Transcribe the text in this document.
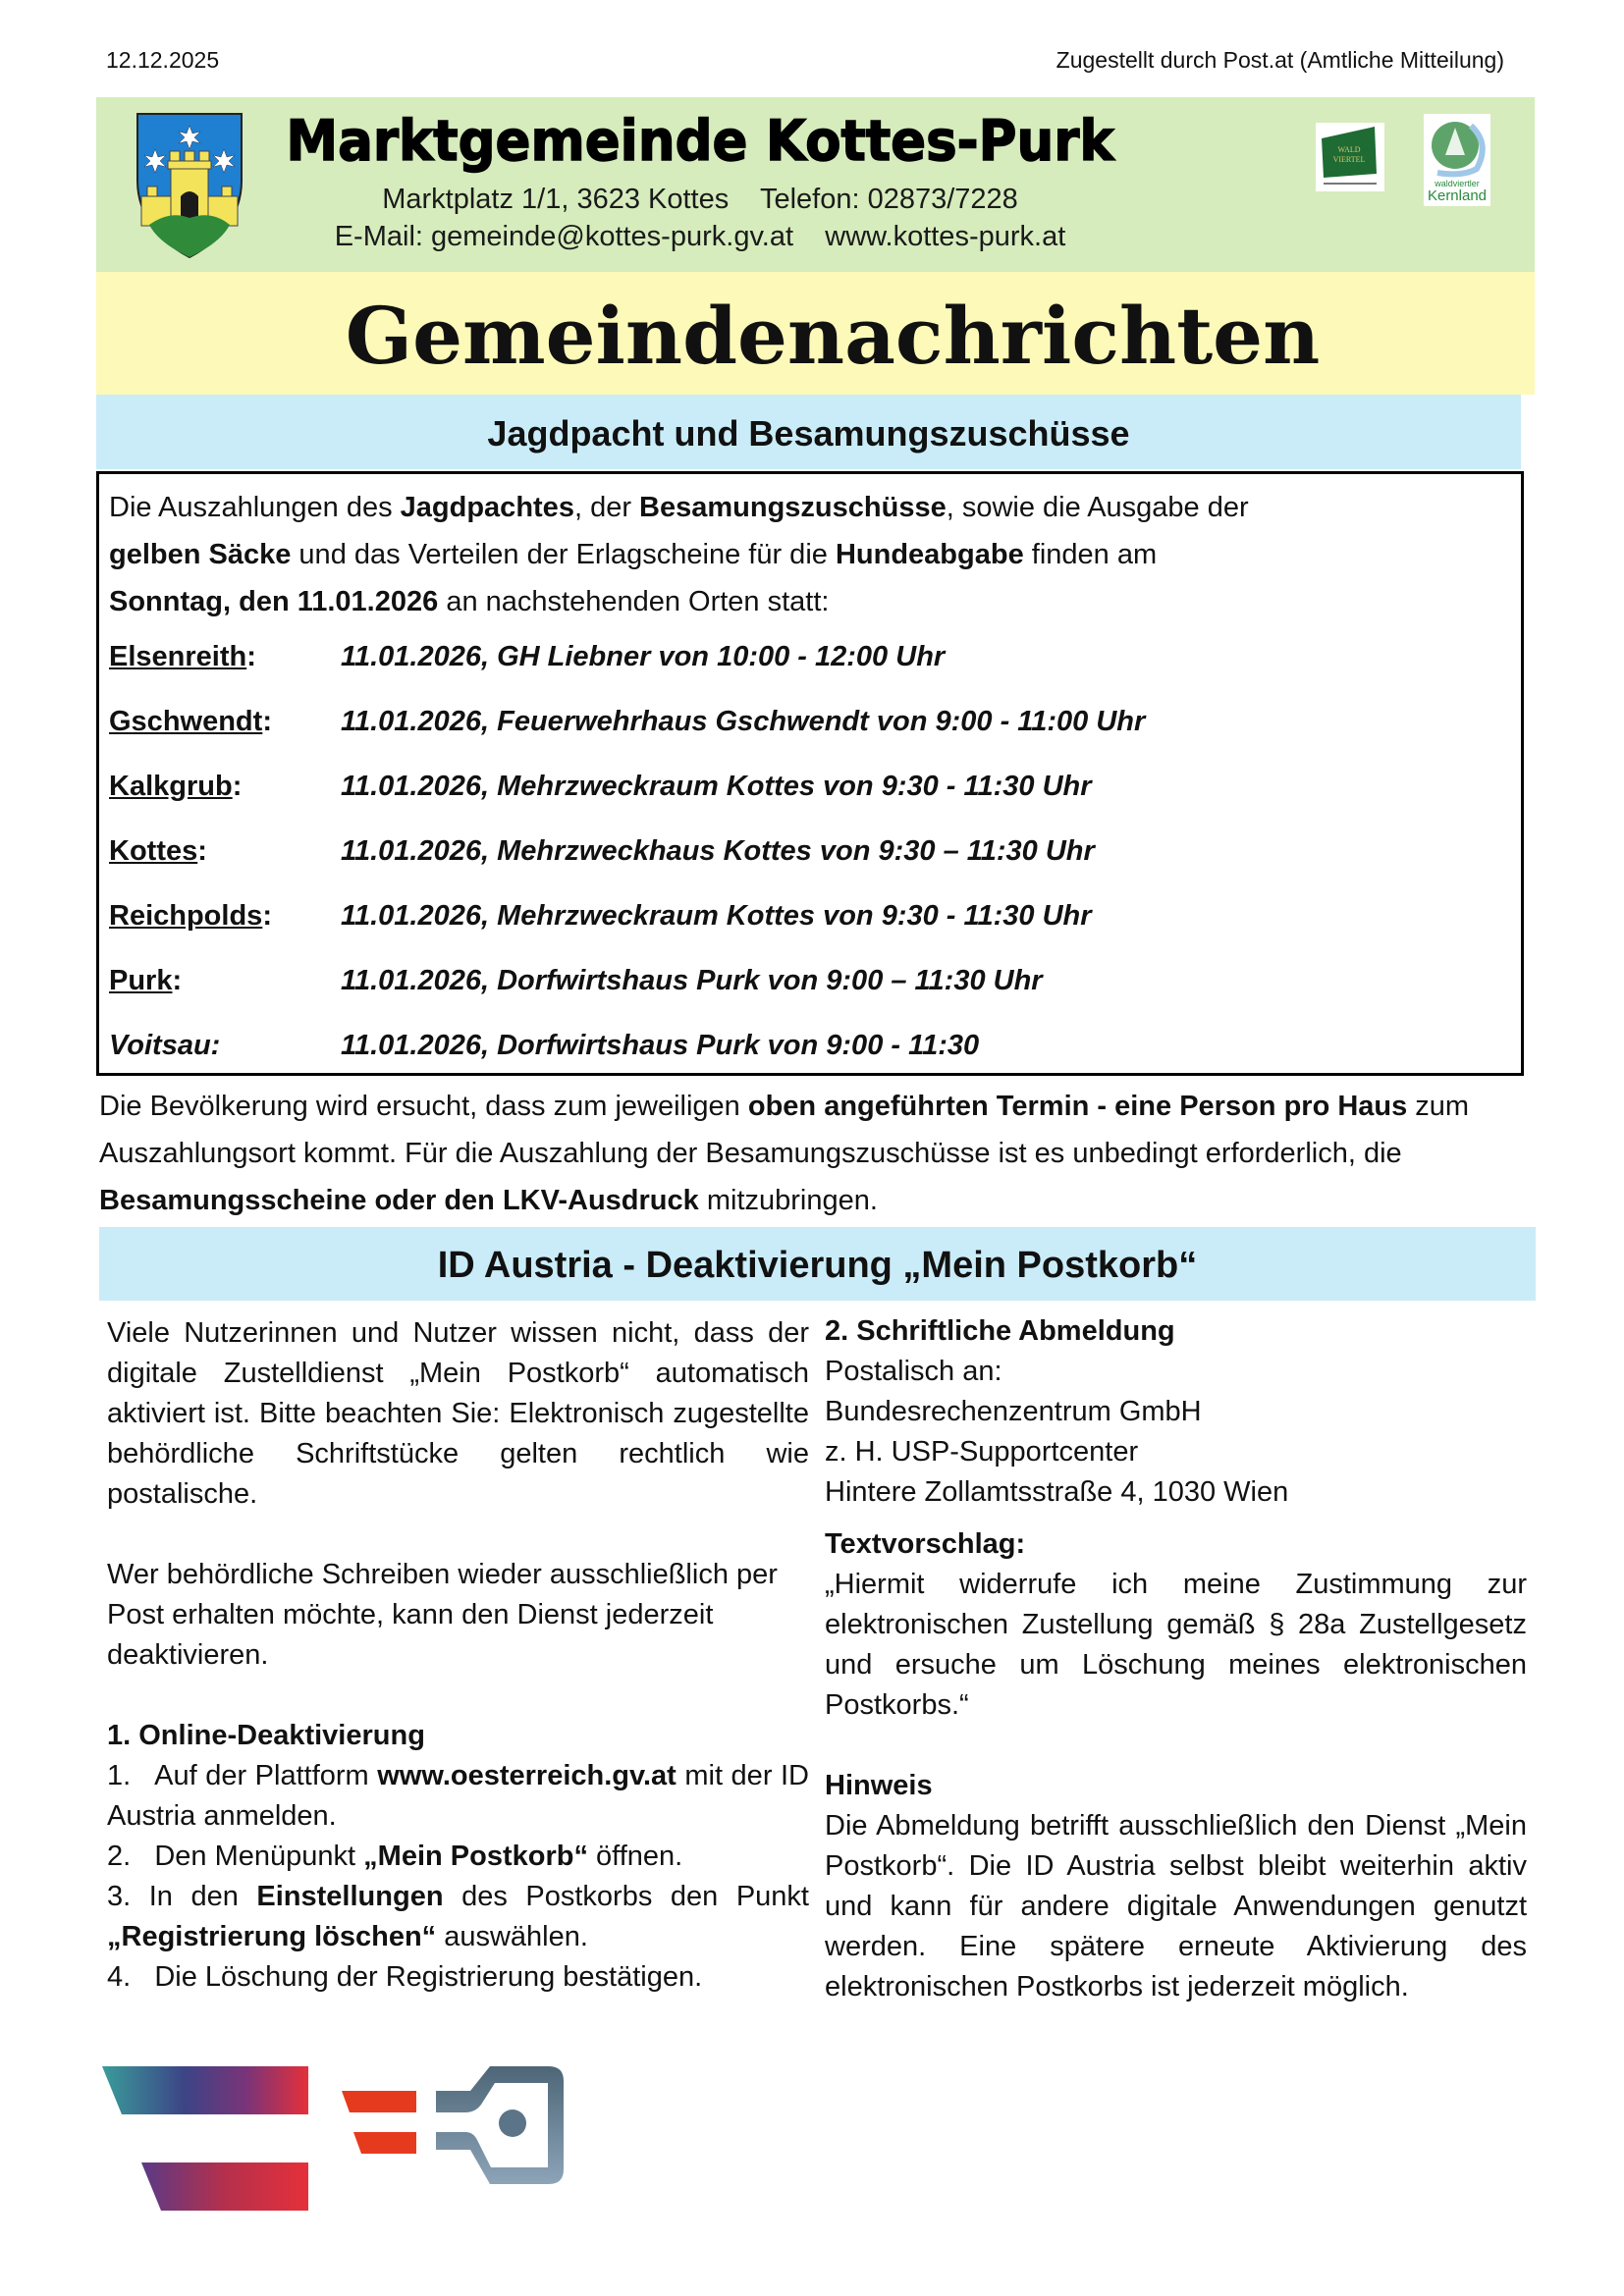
12.12.2025	Zugestellt durch Post.at (Amtliche Mitteilung)
Marktgemeinde Kottes-Purk
Marktplatz 1/1, 3623 Kottes Telefon: 02873/7228
E-Mail: gemeinde@kottes-purk.gv.at www.kottes-purk.at
WALD
VIERTEL
waldviertler
Kernland
Gemeindenachrichten
Jagdpacht und Besamungszuschüsse
Die Auszahlungen des Jagdpachtes, der Besamungszuschüsse, sowie die Ausgabe der
gelben Säcke und das Verteilen der Erlagscheine für die Hundeabgabe finden am
Sonntag, den 11.01.2026 an nachstehenden Orten statt:
Elsenreith :	11.01.2026, GH Liebner von 10:00 - 12:00 Uhr
Gschwendt : 11.01.2026, Feuerwehrhaus Gschwendt von 9:00 - 11:00 Uhr
Kalkgrub :	11.01.2026, Mehrzweckraum Kottes von 9:30 - 11:30 Uhr
Kottes :	11.01.2026, Mehrzweckhaus Kottes von 9:30 – 11:30 Uhr
Reichpolds : 11.01.2026, Mehrzweckraum Kottes von 9:30 - 11:30 Uhr
Purk :	11.01.2026, Dorfwirtshaus Purk von 9:00 – 11:30 Uhr
Voitsau:	11.01.2026, Dorfwirtshaus Purk von 9:00 - 11:30
Die Bevölkerung wird ersucht, dass zum jeweiligen oben angeführten Termin - eine Person pro Haus zum Auszahlungsort kommt. Für die Auszahlung der Besamungszuschüsse ist es unbedingt erforderlich, die Besamungsscheine oder den LKV-Ausdruck mitzubringen.
ID Austria - Deaktivierung „Mein Postkorb“
Viele Nutzerinnen und Nutzer wissen nicht, dass der digitale Zustelldienst „Mein Postkorb“ automatisch aktiviert ist. Bitte beachten Sie: Elektronisch zugestellte behördliche Schriftstücke gelten rechtlich wie postalische.
Wer behördliche Schreiben wieder ausschließlich per Post erhalten möchte, kann den Dienst jederzeit deaktivieren.
1. Online-Deaktivierung
1.   Auf der Plattform www.oesterreich.gv.at mit der ID Austria anmelden.
2.   Den Menüpunkt „Mein Postkorb“ öffnen.
3. In den Einstellungen des Postkorbs den Punkt „Registrierung löschen“ auswählen.
4.   Die Löschung der Registrierung bestätigen.
2. Schriftliche Abmeldung
Postalisch an:
Bundesrechenzentrum GmbH
z. H. USP-Supportcenter
Hintere Zollamtsstraße 4, 1030 Wien
Textvorschlag:
„Hiermit widerrufe ich meine Zustimmung zur elektronischen Zustellung gemäß § 28a Zustellgesetz und ersuche um Löschung meines elektronischen Postkorbs.“
Hinweis
Die Abmeldung betrifft ausschließlich den Dienst „Mein Postkorb“. Die ID Austria selbst bleibt weiterhin aktiv und kann für andere digitale Anwendungen genutzt werden. Eine spätere erneute Aktivierung des elektronischen Postkorbs ist jederzeit möglich.
